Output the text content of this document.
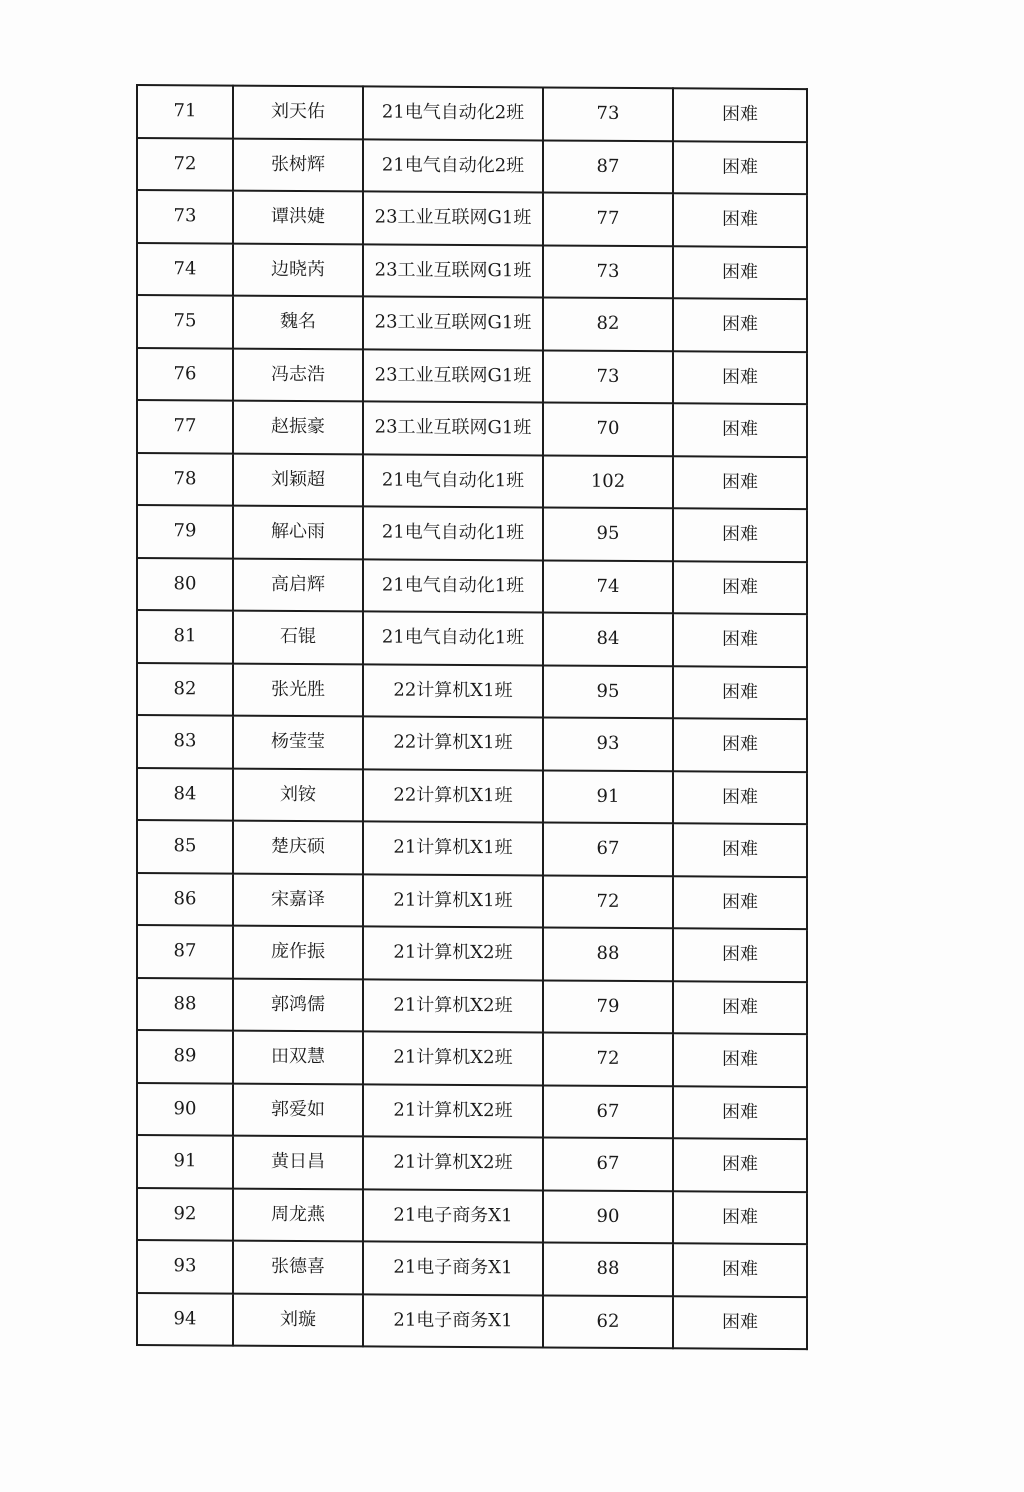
71	刘天佑	21电气自动化2班	73	困难
72	张树辉	21电气自动化2班	87	困难
73	谭洪婕	23工业互联网G1班	77	困难
74	边晓芮	23工业互联网G1班	73	困难
75	魏名	23工业互联网G1班	82	困难
76	冯志浩	23工业互联网G1班	73	困难
77	赵振豪	23工业互联网G1班	70	困难
78	刘颖超	21电气自动化1班	102	困难
79	解心雨	21电气自动化1班	95	困难
80	高启辉	21电气自动化1班	74	困难
81	石锟	21电气自动化1班	84	困难
82	张光胜	22计算机X1班	95	困难
83	杨莹莹	22计算机X1班	93	困难
84	刘铵	22计算机X1班	91	困难
85	楚庆硕	21计算机X1班	67	困难
86	宋嘉译	21计算机X1班	72	困难
87	庞作振	21计算机X2班	88	困难
88	郭鸿儒	21计算机X2班	79	困难
89	田双慧	21计算机X2班	72	困难
90	郭爱如	21计算机X2班	67	困难
91	黄日昌	21计算机X2班	67	困难
92	周龙燕	21电子商务X1	90	困难
93	张德喜	21电子商务X1	88	困难
94	刘璇	21电子商务X1	62	困难
